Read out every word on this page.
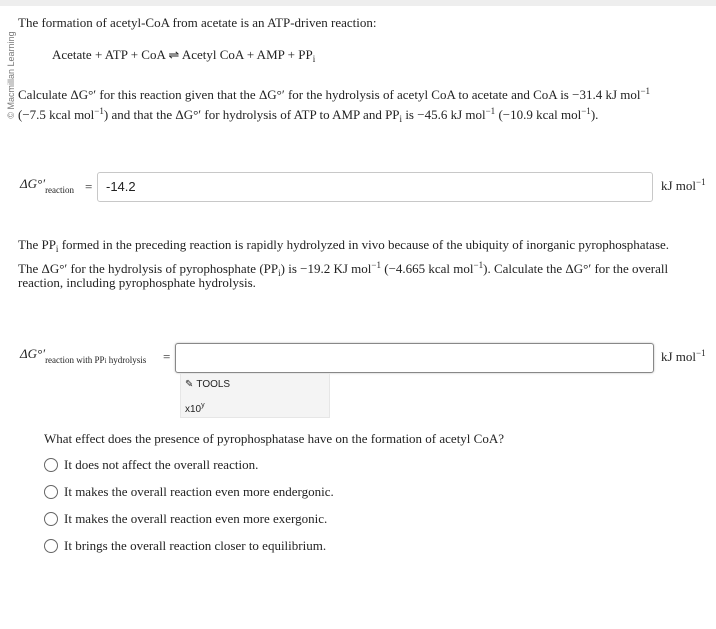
© Macmillan Learning
The formation of acetyl-CoA from acetate is an ATP-driven reaction:
Acetate + ATP + CoA ⇌ Acetyl CoA + AMP + $PP_i$
Calculate ΔG°′ for this reaction given that the ΔG°′ for the hydrolysis of acetyl CoA to acetate and CoA is −31.4 kJ mol$^{-1}$
(−7.5 kcal mol$^{-1}$) and that the ΔG°′ for hydrolysis of ATP to AMP and $PP_i$ is −45.6 kJ mol$^{-1}$ (−10.9 kcal mol$^{-1}$).
$\Delta G^\circ'_{reaction}$ =	-14.2	kJ mol$^{-1}$
The $PP_i$ formed in the preceding reaction is rapidly hydrolyzed in vivo because of the ubiquity of inorganic pyrophosphatase.
The ΔG°′ for the hydrolysis of pyrophosphate $(PP_i)$ is −19.2 KJ mol$^{-1}$ (−4.665 kcal mol$^{-1}$). Calculate the ΔG°′ for the overall
reaction, including pyrophosphate hydrolysis.
$\Delta G^\circ'_{reaction with PPi hydrolysis}$ =	kJ mol$^{-1}$
✎ TOOLS
x10$^y$
What effect does the presence of pyrophosphatase have on the formation of acetyl CoA?
It does not affect the overall reaction.
It makes the overall reaction even more endergonic.
It makes the overall reaction even more exergonic.
It brings the overall reaction closer to equilibrium.
